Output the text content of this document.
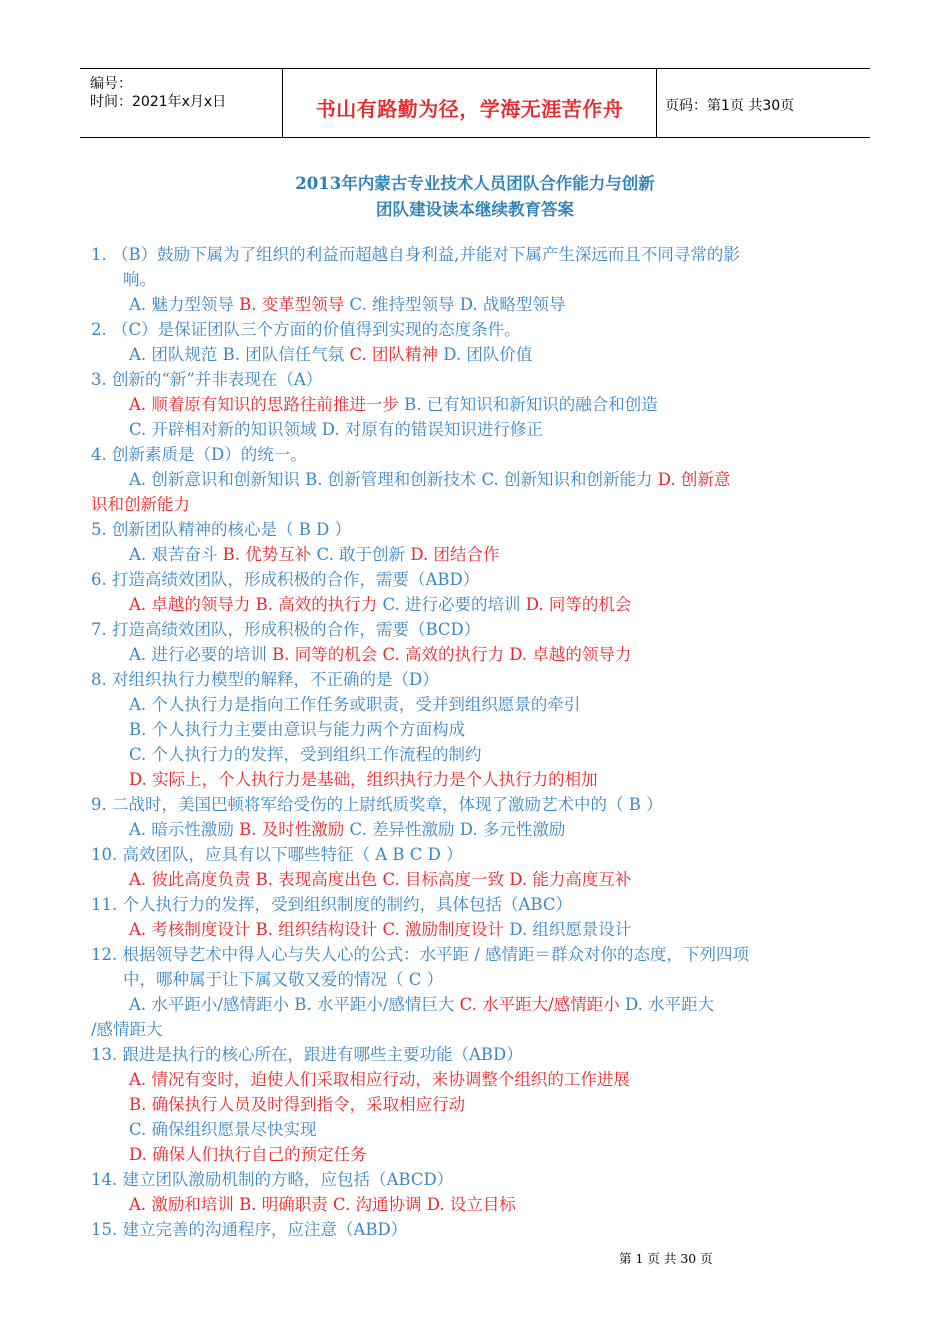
编号：
时间：2021年x月x日	书山有路勤为径，学海无涯苦作舟	页码：第1页 共30页
2013年内蒙古专业技术人员团队合作能力与创新
团队建设读本继续教育答案
1. （B）鼓励下属为了组织的利益而超越自身利益,并能对下属产生深远而且不同寻常的影
响。
A. 魅力型领导 B. 变革型领导 C. 维持型领导 D. 战略型领导
2. （C）是保证团队三个方面的价值得到实现的态度条件。
A. 团队规范 B. 团队信任气氛 C. 团队精神 D. 团队价值
3. 创新的“新”并非表现在（A）
A. 顺着原有知识的思路往前推进一步 B. 已有知识和新知识的融合和创造
C. 开辟相对新的知识领域 D. 对原有的错误知识进行修正
4. 创新素质是（D）的统一。
A. 创新意识和创新知识 B. 创新管理和创新技术 C. 创新知识和创新能力 D. 创新意
识和创新能力
5. 创新团队精神的核心是（ B D ）
A. 艰苦奋斗 B. 优势互补 C. 敢于创新 D. 团结合作
6. 打造高绩效团队，形成积极的合作，需要（ABD）
A. 卓越的领导力 B. 高效的执行力 C. 进行必要的培训 D. 同等的机会
7. 打造高绩效团队，形成积极的合作，需要（BCD）
A. 进行必要的培训 B. 同等的机会 C. 高效的执行力 D. 卓越的领导力
8. 对组织执行力模型的解释，不正确的是（D）
A. 个人执行力是指向工作任务或职责，受并到组织愿景的牵引
B. 个人执行力主要由意识与能力两个方面构成
C. 个人执行力的发挥，受到组织工作流程的制约
D. 实际上，个人执行力是基础，组织执行力是个人执行力的相加
9. 二战时，美国巴顿将军给受伤的上尉纸质奖章，体现了激励艺术中的（ B ）
A. 暗示性激励 B. 及时性激励 C. 差异性激励 D. 多元性激励
10. 高效团队，应具有以下哪些特征（ A B C D ）
A. 彼此高度负责 B. 表现高度出色 C. 目标高度一致 D. 能力高度互补
11. 个人执行力的发挥，受到组织制度的制约，具体包括（ABC）
A. 考核制度设计 B. 组织结构设计 C. 激励制度设计 D. 组织愿景设计
12. 根据领导艺术中得人心与失人心的公式：水平距 / 感情距＝群众对你的态度，下列四项
中，哪种属于让下属又敬又爱的情况（ C ）
A. 水平距小/感情距小 B. 水平距小/感情巨大 C. 水平距大/感情距小 D. 水平距大
/感情距大
13. 跟进是执行的核心所在，跟进有哪些主要功能（ABD）
A. 情况有变时，迫使人们采取相应行动，来协调整个组织的工作进展
B. 确保执行人员及时得到指令，采取相应行动
C. 确保组织愿景尽快实现
D. 确保人们执行自己的预定任务
14. 建立团队激励机制的方略，应包括（ABCD）
A. 激励和培训 B. 明确职责 C. 沟通协调 D. 设立目标
15. 建立完善的沟通程序，应注意（ABD）
第 1 页 共 30 页
